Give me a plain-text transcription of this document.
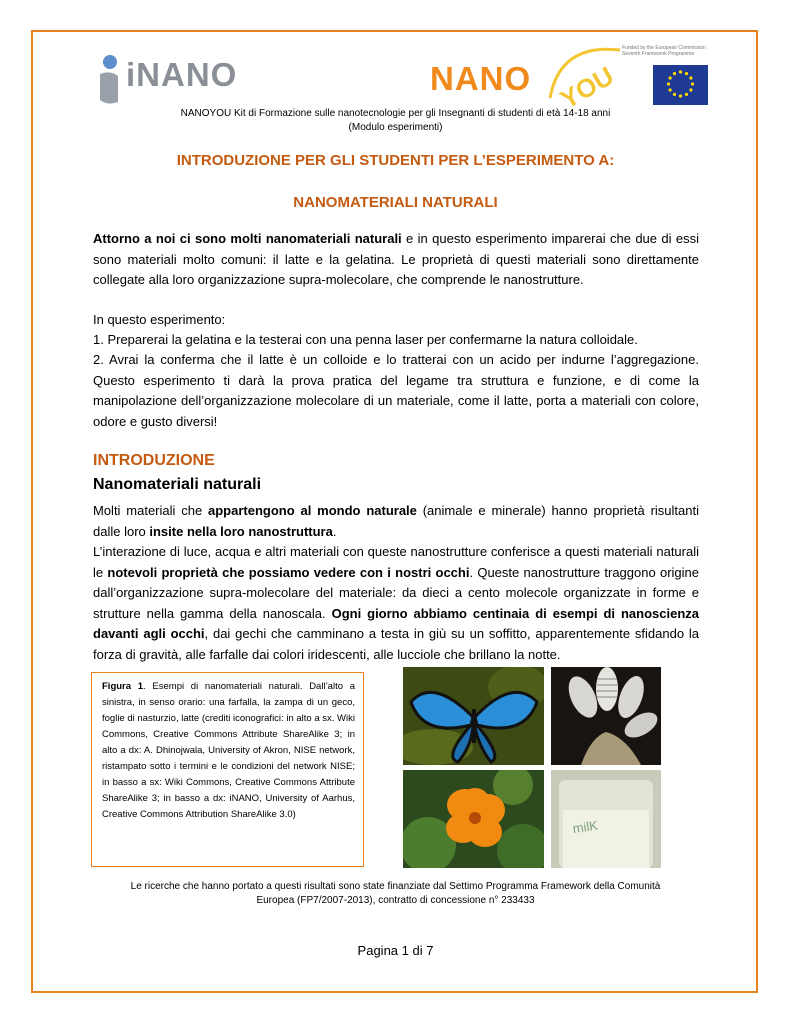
iNANO	NANO YOU
Funded by the European Commission Seventh Framework Programme
NANOYOU Kit di Formazione sulle nanotecnologie per gli Insegnanti di studenti di età 14-18 anni
(Modulo esperimenti)
INTRODUZIONE PER GLI STUDENTI PER L’ESPERIMENTO A:
NANOMATERIALI NATURALI
Attorno a noi ci sono molti nanomateriali naturali e in questo esperimento imparerai che due di essi sono materiali molto comuni: il latte e la gelatina. Le proprietà di questi materiali sono direttamente collegate alla loro organizzazione supra-molecolare, che comprende le nanostrutture.
In questo esperimento:
1. Preparerai la gelatina e la testerai con una penna laser per confermarne la natura colloidale.
2. Avrai la conferma che il latte è un colloide e lo tratterai con un acido per indurne l’aggregazione. Questo esperimento ti darà la prova pratica del legame tra struttura e funzione, e di come la manipolazione dell’organizzazione molecolare di un materiale, come il latte, porta a materiali con colore, odore e gusto diversi!
INTRODUZIONE
Nanomateriali naturali
Molti materiali che appartengono al mondo naturale (animale e minerale) hanno proprietà risultanti dalle loro insite nella loro nanostruttura.
L’interazione di luce, acqua e altri materiali con queste nanostrutture conferisce a questi materiali naturali le notevoli proprietà che possiamo vedere con i nostri occhi. Queste nanostrutture traggono origine dall’organizzazione supra-molecolare del materiale: da dieci a cento molecole organizzate in forme e strutture nella gamma della nanoscala. Ogni giorno abbiamo centinaia di esempi di nanoscienza davanti agli occhi, dai gechi che camminano a testa in giù su un soffitto, apparentemente sfidando la forza di gravità, alle farfalle dai colori iridescenti, alle lucciole che brillano la notte.
Figura 1. Esempi di nanomateriali naturali. Dall’alto a sinistra, in senso orario: una farfalla, la zampa di un geco, foglie di nasturzio, latte (crediti iconografici: in alto a sx. Wiki Commons, Creative Commons Attribute ShareAlike 3; in alto a dx: A. Dhinojwala, University of Akron, NISE network, ristampato sotto i termini e le condizioni del network NISE; in basso a sx: Wiki Commons, Creative Commons Attribute ShareAlike 3; in basso a dx: iNANO, University of Aarhus, Creative Commons Attribution ShareAlike 3.0)
milK
Le ricerche che hanno portato a questi risultati sono state finanziate dal Settimo Programma Framework della Comunità
Europea (FP7/2007-2013), contratto di concessione n° 233433
Pagina 1 di 7
